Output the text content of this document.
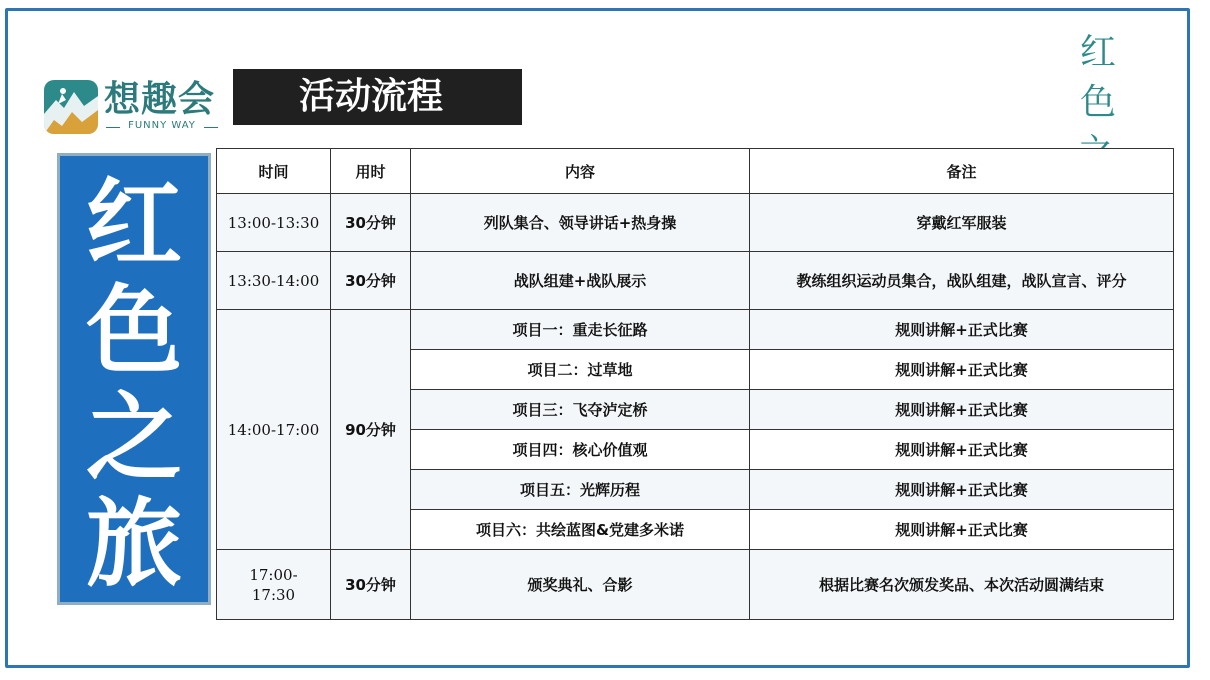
想趣会
FUNNY WAY
活动流程
红色
红
色
之
旅
时间	用时	内容	备注
13:00-13:30	30分钟	列队集合、领导讲话+热身操	穿戴红军服装
13:30-14:00	30分钟	战队组建+战队展示	教练组织运动员集合，战队组建，战队宣言、评分
14:00-17:00	90分钟	项目一：重走长征路	规则讲解+正式比赛
		项目二：过草地	规则讲解+正式比赛
		项目三：飞夺泸定桥	规则讲解+正式比赛
		项目四：核心价值观	规则讲解+正式比赛
		项目五：光辉历程	规则讲解+正式比赛
		项目六：共绘蓝图&党建多米诺	规则讲解+正式比赛
17:00-17:30	30分钟	颁奖典礼、合影	根据比赛名次颁发奖品、本次活动圆满结束
